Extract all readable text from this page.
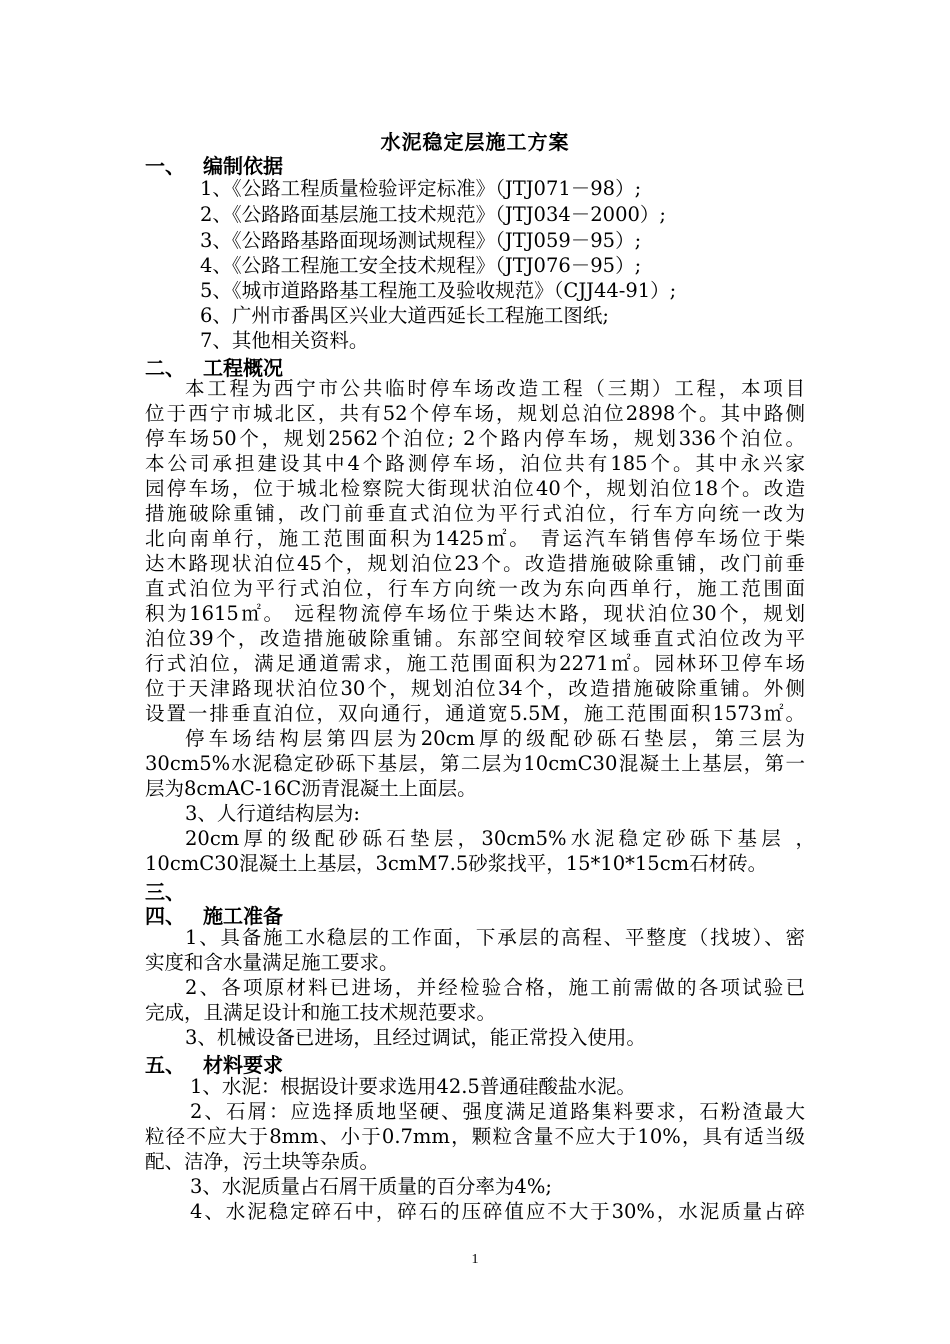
水泥稳定层施工方案
一、 编制依据
1、《公路工程质量检验评定标准》（JTJ071－98）;
2、《公路路面基层施工技术规范》（JTJ034－2000）;
3、《公路路基路面现场测试规程》（JTJ059－95）;
4、《公路工程施工安全技术规程》（JTJ076－95）;
5、《城市道路路基工程施工及验收规范》（CJJ44-91）;
6、广州市番禺区兴业大道西延长工程施工图纸;
7、其他相关资料。
二、 工程概况
本工程为西宁市公共临时停车场改造工程（三期）工程，本项目
位于西宁市城北区，共有52个停车场，规划总泊位2898个。其中路侧
停车场50个，规划2562个泊位; 2个路内停车场，规划336个泊位。
本公司承担建设其中4个路测停车场，泊位共有185个。其中永兴家
园停车场，位于城北检察院大街现状泊位40个，规划泊位18个。改造
措施破除重铺，改门前垂直式泊位为平行式泊位，行车方向统一改为
北向南单行，施工范围面积为1425㎡。 青运汽车销售停车场位于柴
达木路现状泊位45个，规划泊位23个。改造措施破除重铺，改门前垂
直式泊位为平行式泊位，行车方向统一改为东向西单行，施工范围面
积为1615㎡。 远程物流停车场位于柴达木路，现状泊位30个，规划
泊位39个，改造措施破除重铺。东部空间较窄区域垂直式泊位改为平
行式泊位，满足通道需求，施工范围面积为2271㎡。园林环卫停车场
位于天津路现状泊位30个，规划泊位34个，改造措施破除重铺。外侧
设置一排垂直泊位，双向通行，通道宽5.5M，施工范围面积1573㎡。
停车场结构层第四层为20cm厚的级配砂砾石垫层，第三层为
30cm5%水泥稳定砂砾下基层，第二层为10cmC30混凝土上基层，第一
层为8cmAC-16C沥青混凝土上面层。
3、人行道结构层为:
20cm厚的级配砂砾石垫层，30cm5%水泥稳定砂砾下基层 ，
10cmC30混凝土上基层，3cmM7.5砂浆找平，15*10*15cm石材砖。
三、
四、 施工准备
1、具备施工水稳层的工作面，下承层的高程、平整度（找坡）、密
实度和含水量满足施工要求。
2、各项原材料已进场，并经检验合格，施工前需做的各项试验已
完成，且满足设计和施工技术规范要求。
3、机械设备已进场，且经过调试，能正常投入使用。
五、 材料要求
1、水泥：根据设计要求选用42.5普通硅酸盐水泥。
2、石屑：应选择质地坚硬、强度满足道路集料要求，石粉渣最大
粒径不应大于8mm、小于0.7mm，颗粒含量不应大于10%，具有适当级
配、洁净，污土块等杂质。
3、水泥质量占石屑干质量的百分率为4%;
4、水泥稳定碎石中，碎石的压碎值应不大于30%，水泥质量占碎
1
